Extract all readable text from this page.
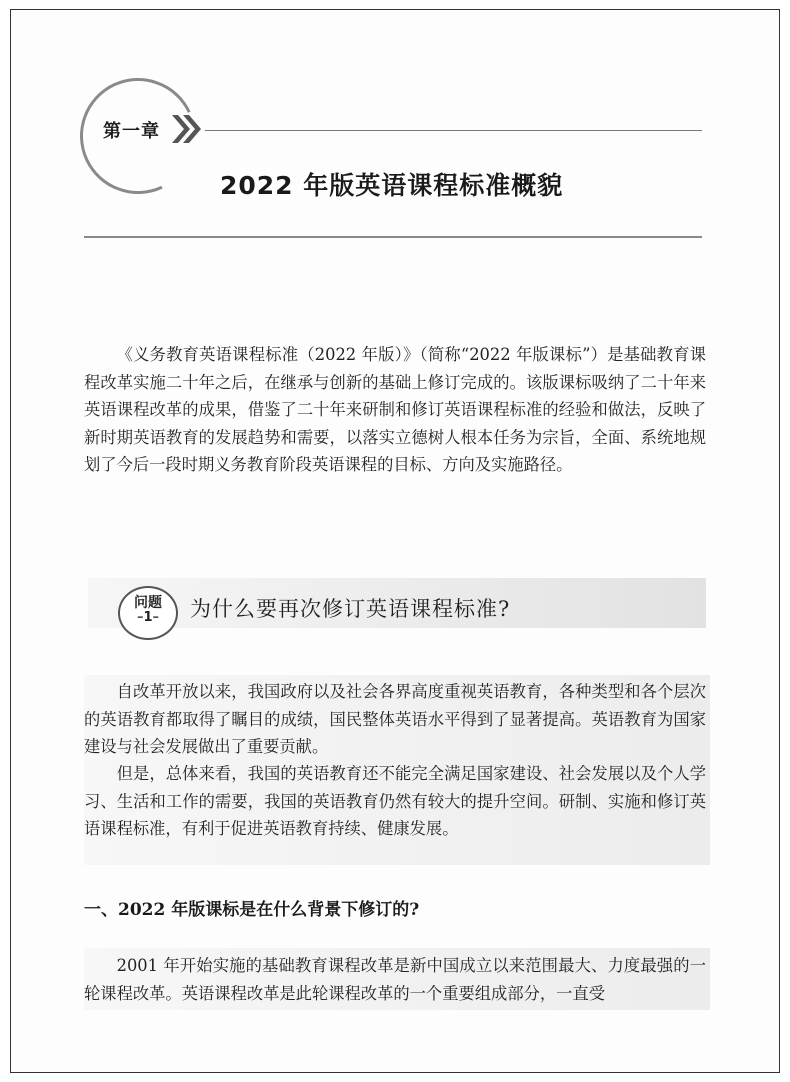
第一章
2022 年版英语课程标准概貌

《义务教育英语课程标准（2022 年版）》（简称“2022 年版课标”）是基础教育课程改革实施二十年之后，在继承与创新的基础上修订完成的。该版课标吸纳了二十年来英语课程改革的成果，借鉴了二十年来研制和修订英语课程标准的经验和做法，反映了新时期英语教育的发展趋势和需要，以落实立德树人根本任务为宗旨，全面、系统地规划了今后一段时期义务教育阶段英语课程的目标、方向及实施路径。

问题
–1–	为什么要再次修订英语课程标准?

自改革开放以来，我国政府以及社会各界高度重视英语教育，各种类型和各个层次的英语教育都取得了瞩目的成绩，国民整体英语水平得到了显著提高。英语教育为国家建设与社会发展做出了重要贡献。

但是，总体来看，我国的英语教育还不能完全满足国家建设、社会发展以及个人学习、生活和工作的需要，我国的英语教育仍然有较大的提升空间。研制、实施和修订英语课程标准，有利于促进英语教育持续、健康发展。

一、2022 年版课标是在什么背景下修订的?

2001 年开始实施的基础教育课程改革是新中国成立以来范围最大、力度最强的一轮课程改革。英语课程改革是此轮课程改革的一个重要组成部分，一直受
